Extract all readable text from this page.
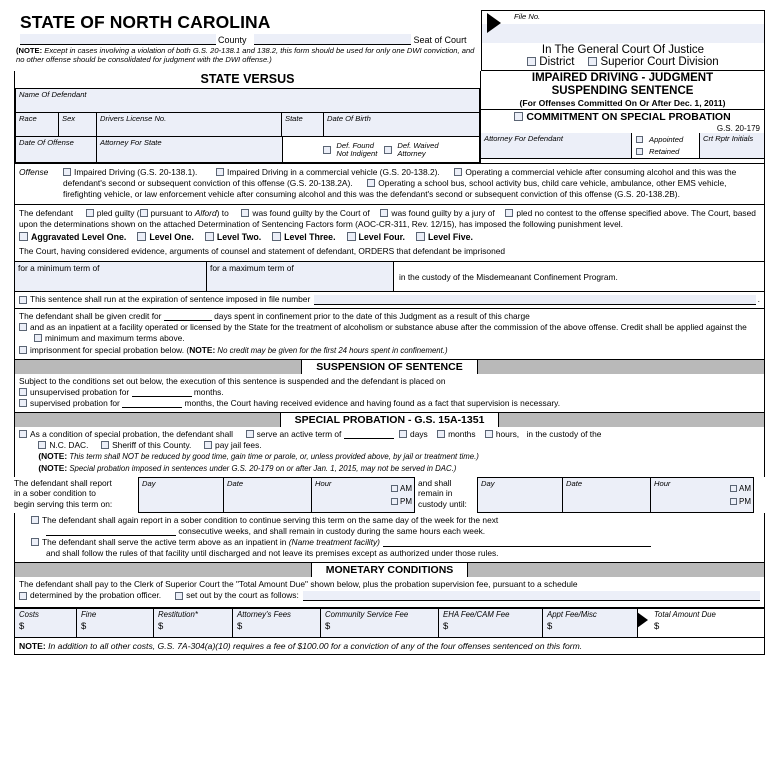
STATE OF NORTH CAROLINA
County	Seat of Court
(NOTE: Except in cases involving a violation of both G.S. 20-138.1 and 138.2, this form should be used for only one DWI conviction, and no other offense should be consolidated for judgment with the DWI offense.)
File No.
In The General Court Of Justice
District	Superior Court Division
STATE VERSUS
Name Of Defendant
Race	Sex	Drivers License No.	State	Date Of Birth
Date Of Offense	Attorney For State	Def. Found
Not Indigent
Def. Waived
Attorney
IMPAIRED DRIVING - JUDGMENT
SUSPENDING SENTENCE
(For Offenses Committed On Or After Dec. 1, 2011)
COMMITMENT ON SPECIAL PROBATION
G.S. 20-179
Attorney For Defendant	Appointed
Retained
Crt Rptr Initials
Offense	Impaired Driving (G.S. 20-138.1).	Impaired Driving in a commercial vehicle (G.S. 20-138.2).	Operating a commercial vehicle after consuming alcohol and this was the defendant's second or subsequent conviction of this offense (G.S. 20-138.2A).	Operating a school bus, school activity bus, child care vehicle, ambulance, other EMS vehicle, firefighting vehicle, or law enforcement vehicle after consuming alcohol and this was the defendant's second or subsequent conviction of this offense (G.S. 20-138.2B).
The defendant	pled guilty ( pursuant to Alford) to	was found guilty by the Court of	was found guilty by a jury of	pled no contest to the offense specified above. The Court, based upon the determinations shown on the attached Determination of Sentencing Factors form (AOC-CR-311, Rev. 12/15), has imposed the following punishment level.
Aggravated Level One.	Level One.	Level Two.	Level Three.	Level Four.	Level Five.
The Court, having considered evidence, arguments of counsel and statement of defendant, ORDERS that defendant be imprisoned
for a minimum term of	for a maximum term of
in the custody of the Misdemeanant Confinement Program.
This sentence shall run at the expiration of sentence imposed in file number	.
The defendant shall be given credit for	days spent in confinement prior to the date of this Judgment as a result of this charge
and as an inpatient at a facility operated or licensed by the State for the treatment of alcoholism or substance abuse after the commission of the above offense. Credit shall be applied against the minimum and maximum terms above.
imprisonment for special probation below. (NOTE: No credit may be given for the first 24 hours spent in confinement.)
SUSPENSION OF SENTENCE
Subject to the conditions set out below, the execution of this sentence is suspended and the defendant is placed on
unsupervised probation for	months.
supervised probation for	months, the Court having received evidence and having found as a fact that supervision is necessary.
SPECIAL PROBATION - G.S. 15A-1351
As a condition of special probation, the defendant shall	serve an active term of	days months hours, in the custody of the
N.C. DAC.	Sheriff of this County.	pay jail fees.
(NOTE: This term shall NOT be reduced by good time, gain time or parole, or, unless provided above, by jail or treatment time.)
(NOTE: Special probation imposed in sentences under G.S. 20-179 on or after Jan. 1, 2015, may not be served in DAC.)
The defendant shall report
in a sober condition to
begin serving this term on:
Day	Date	Hour
AM
PM
and shall
remain in
custody until:
Day	Date	Hour
AM
PM
The defendant shall again report in a sober condition to continue serving this term on the same day of the week for the next
consecutive weeks, and shall remain in custody during the same hours each week.
The defendant shall serve the active term above as an inpatient in (Name treatment facility)
and shall follow the rules of that facility until discharged and not leave its premises except as authorized under those rules.
MONETARY CONDITIONS
The defendant shall pay to the Clerk of Superior Court the "Total Amount Due" shown below, plus the probation supervision fee, pursuant to a schedule
determined by the probation officer.	set out by the court as follows:
Costs
$
Fine
$
Restitution*
$
Attorney's Fees
$
Community Service Fee
$
EHA Fee/CAM Fee
$
Appt Fee/Misc
$
Total Amount Due
$
NOTE: In addition to all other costs, G.S. 7A-304(a)(10) requires a fee of $100.00 for a conviction of any of the four offenses sentenced on this form.
